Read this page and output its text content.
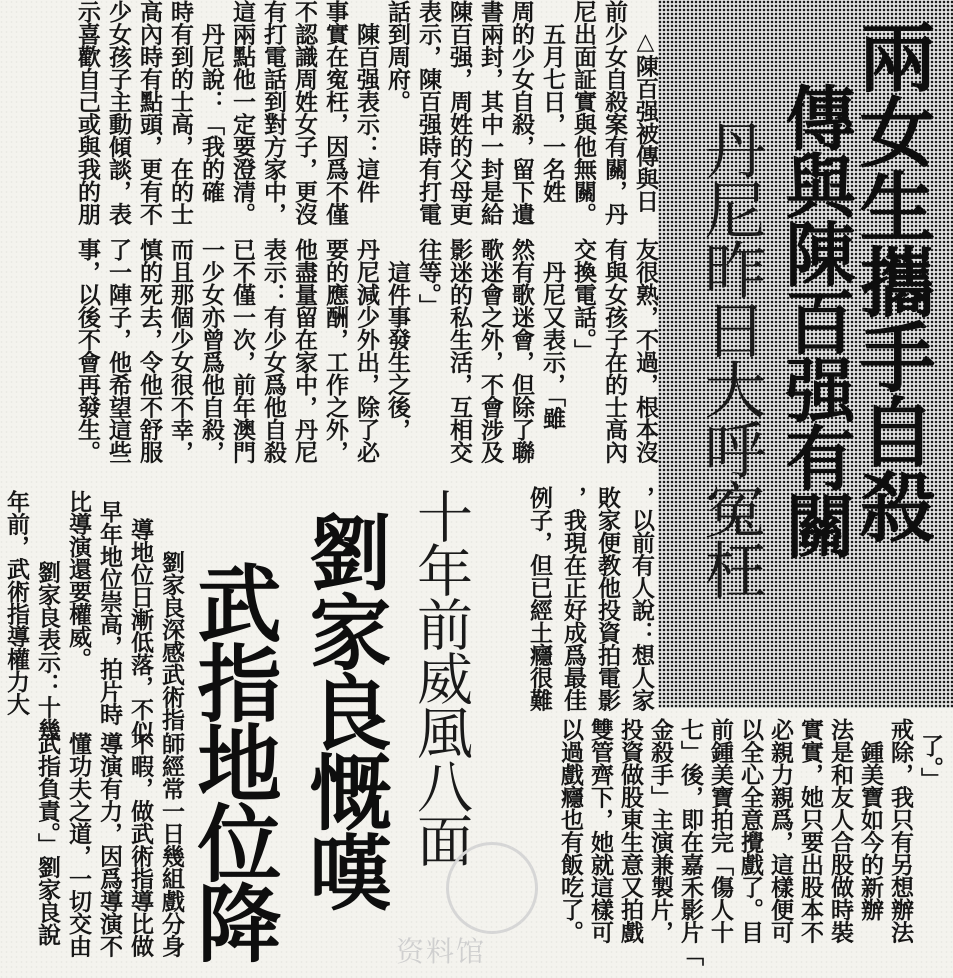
兩女生攜手自殺
傳與陳百强有關
丹尼昨日大呼寃枉
△陳百强被傳與日
前少女自殺案有關，丹
尼出面証實與他無關。
　五月七日，一名姓
周的少女自殺，留下遺
書兩封，其中一封是給
陳百强，周姓的父母更
表示，陳百强時有打電
話到周府。
　陳百强表示：這件
事實在寃枉，因爲不僅
不認識周姓女子，更沒
有打電話到對方家中，
這兩點他一定要澄清。
　丹尼說：「我的確
時有到的士高，在的士
高內時有點頭，更有不
少女孩子主動傾談，表
示喜歡自己或與我的朋
友很熟，不過，根本沒
有與女孩子在的士高內
交換電話。」
　丹尼又表示，「雖
然有歌迷會，但除了聯
歌迷會之外，不會涉及
影迷的私生活，互相交
往等。」
　這件事發生之後，
丹尼減少外出，除了必
要的應酬，工作之外，
他盡量留在家中，丹尼
表示：有少女爲他自殺
已不僅一次，前年澳門
一少女亦曾爲他自殺，
而且那個少女很不幸，
慎的死去，令他不舒服
了一陣子，他希望這些
事，以後不會再發生。
了。」
戒除，我只有另想辦法
　鍾美寶如今的新辦
法是和友人合股做時裝
實實，她只要出股本不
必親力親爲，這樣便可
以全心全意攪戲了。目
前鍾美寶拍完「傷人十
七」後，即在嘉禾影片「
金殺手」主演兼製片，
投資做股東生意又拍戲
雙管齊下，她就這樣可
以過戲癮也有飯吃了。
，以前有人說：想人家
敗家便教他投資拍電影
，我現在正好成爲最佳
例子，但已經土癮很難
十年前威風八面
劉家良慨嘆
武指地位降
　劉家良深感武術指
導地位日漸低落，不似
早年地位崇高，拍片時
比導演還要權威。
　劉家良表示：十幾
年前，武術指導權力大
師經常一日幾組戲分身
不暇，做武術指導比做
導演有力，因爲導演不
懂功夫之道，一切交由
武指負責。」劉家良說
资料馆
